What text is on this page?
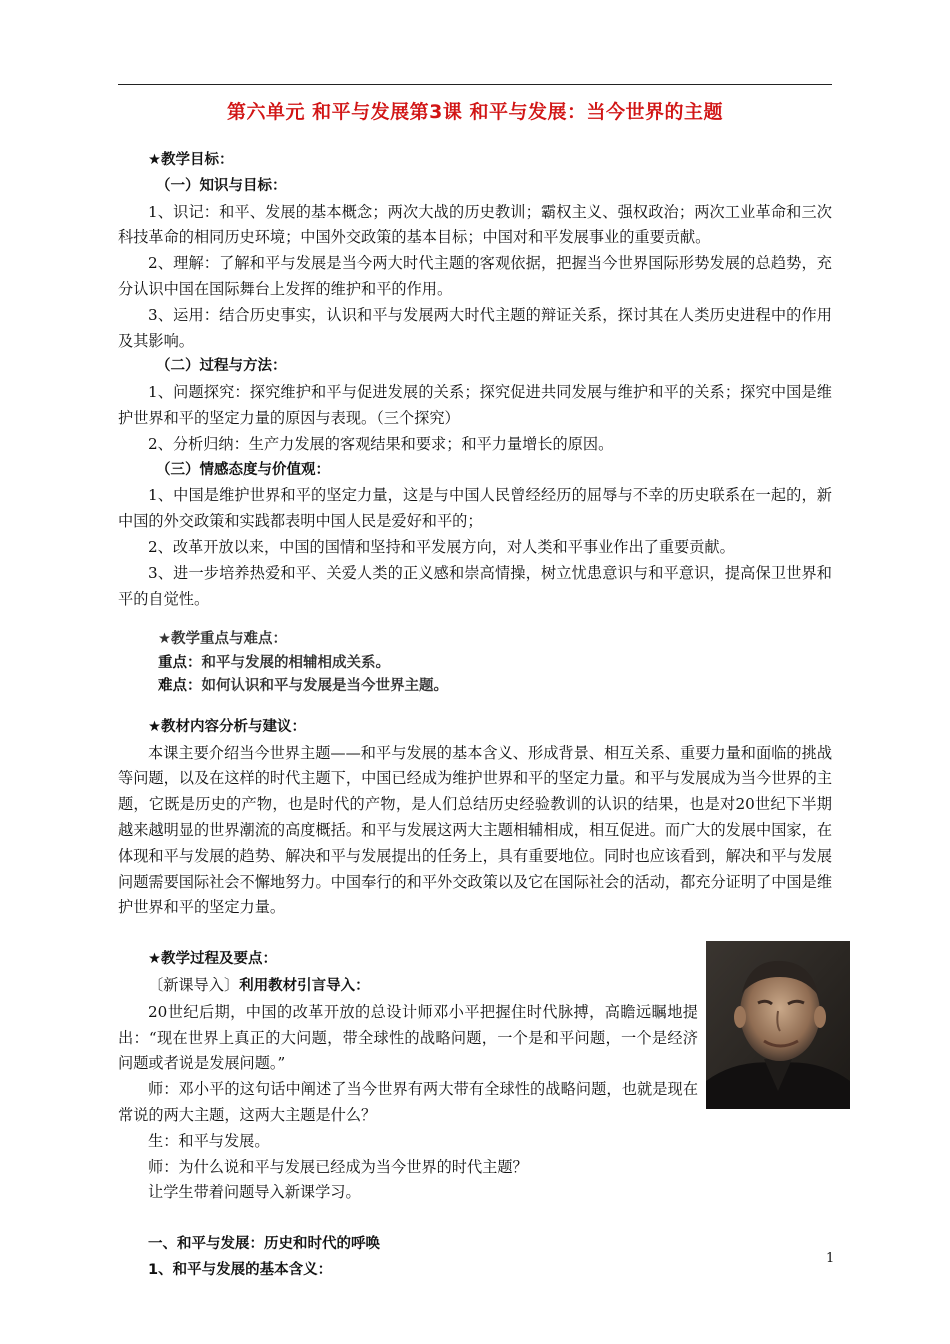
第六单元 和平与发展第3课 和平与发展：当今世界的主题

★教学目标：

（一）知识与目标：

1、识记：和平、发展的基本概念；两次大战的历史教训；霸权主义、强权政治；两次工业革命和三次科技革命的相同历史环境；中国外交政策的基本目标；中国对和平发展事业的重要贡献。

2、理解：了解和平与发展是当今两大时代主题的客观依据，把握当今世界国际形势发展的总趋势，充分认识中国在国际舞台上发挥的维护和平的作用。

3、运用：结合历史事实，认识和平与发展两大时代主题的辩证关系，探讨其在人类历史进程中的作用及其影响。

（二）过程与方法：

1、问题探究：探究维护和平与促进发展的关系；探究促进共同发展与维护和平的关系；探究中国是维护世界和平的坚定力量的原因与表现。（三个探究）

2、分析归纳：生产力发展的客观结果和要求；和平力量增长的原因。

（三）情感态度与价值观：

1、中国是维护世界和平的坚定力量，这是与中国人民曾经经历的屈辱与不幸的历史联系在一起的，新中国的外交政策和实践都表明中国人民是爱好和平的；

2、改革开放以来，中国的国情和坚持和平发展方向，对人类和平事业作出了重要贡献。

3、进一步培养热爱和平、关爱人类的正义感和崇高情操，树立忧患意识与和平意识，提高保卫世界和平的自觉性。

★教学重点与难点：

重点：和平与发展的相辅相成关系。

难点：如何认识和平与发展是当今世界主题。

★教材内容分析与建议：

本课主要介绍当今世界主题——和平与发展的基本含义、形成背景、相互关系、重要力量和面临的挑战等问题，以及在这样的时代主题下，中国已经成为维护世界和平的坚定力量。和平与发展成为当今世界的主题，它既是历史的产物，也是时代的产物，是人们总结历史经验教训的认识的结果，也是对20世纪下半期越来越明显的世界潮流的高度概括。和平与发展这两大主题相辅相成，相互促进。而广大的发展中国家，在体现和平与发展的趋势、解决和平与发展提出的任务上，具有重要地位。同时也应该看到，解决和平与发展问题需要国际社会不懈地努力。中国奉行的和平外交政策以及它在国际社会的活动，都充分证明了中国是维护世界和平的坚定力量。

★教学过程及要点：

〔新课导入〕利用教材引言导入：

20世纪后期，中国的改革开放的总设计师邓小平把握住时代脉搏，高瞻远瞩地提出：“现在世界上真正的大问题，带全球性的战略问题，一个是和平问题，一个是经济问题或者说是发展问题。”

师：邓小平的这句话中阐述了当今世界有两大带有全球性的战略问题，也就是现在常说的两大主题，这两大主题是什么？

生：和平与发展。

师：为什么说和平与发展已经成为当今世界的时代主题？

让学生带着问题导入新课学习。

一、和平与发展：历史和时代的呼唤

1、和平与发展的基本含义：

1
